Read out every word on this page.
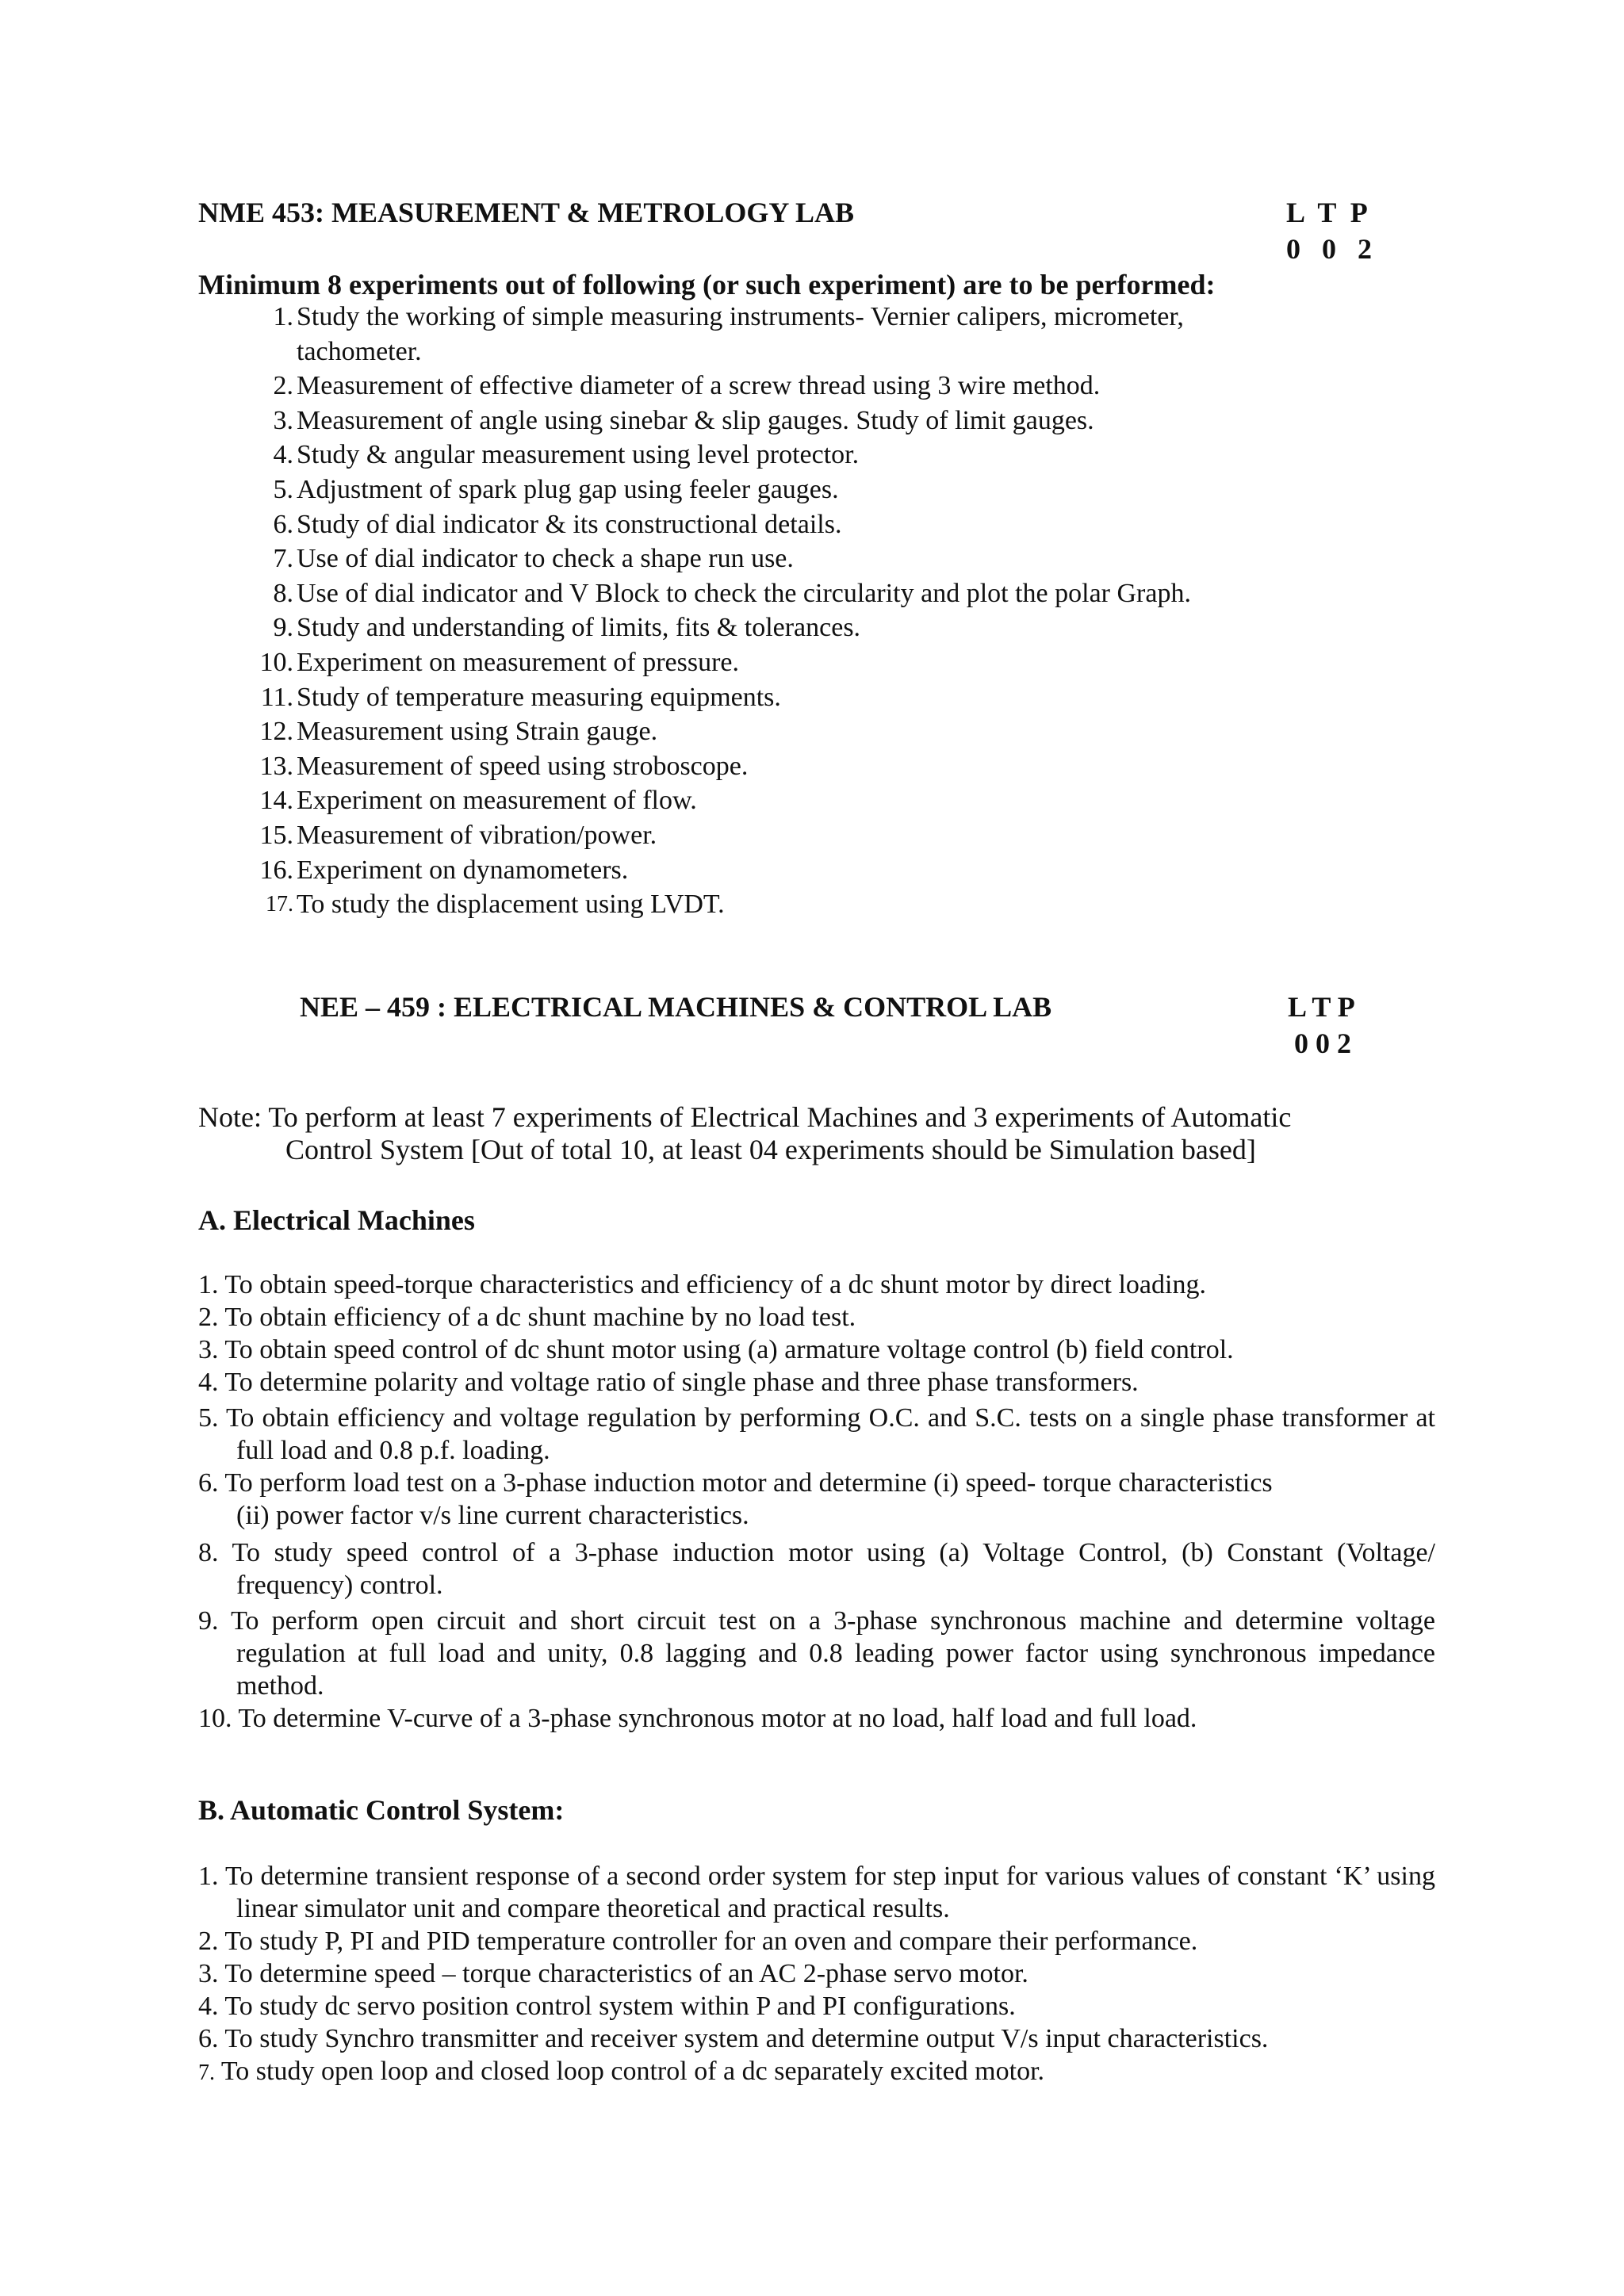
NME 453: MEASUREMENT & METROLOGY LAB	L  T  P
0   0   2
Minimum 8 experiments out of following (or such experiment) are to be performed:
1. Study the working of simple measuring instruments- Vernier calipers, micrometer,
tachometer.
2. Measurement of effective diameter of a screw thread using 3 wire method.
3. Measurement of angle using sinebar & slip gauges. Study of limit gauges.
4. Study & angular measurement using level protector.
5. Adjustment of spark plug gap using feeler gauges.
6. Study of dial indicator & its constructional details.
7. Use of dial indicator to check a shape run use.
8. Use of dial indicator and V Block to check the circularity and plot the polar Graph.
9. Study and understanding of limits, fits & tolerances.
10. Experiment on measurement of pressure.
11. Study of temperature measuring equipments.
12. Measurement using Strain gauge.
13. Measurement of speed using stroboscope.
14. Experiment on measurement of flow.
15. Measurement of vibration/power.
16. Experiment on dynamometers.
17. To study the displacement using LVDT.
NEE – 459 : ELECTRICAL MACHINES & CONTROL LAB	L T P
0 0 2
Note: To perform at least 7 experiments of Electrical Machines and 3 experiments of Automatic
Control System [Out of total 10, at least 04 experiments should be Simulation based]
A. Electrical Machines
1. To obtain speed-torque characteristics and efficiency of a dc shunt motor by direct loading.
2. To obtain efficiency of a dc shunt machine by no load test.
3. To obtain speed control of dc shunt motor using (a) armature voltage control (b) field control.
4. To determine polarity and voltage ratio of single phase and three phase transformers.
5. To obtain efficiency and voltage regulation by performing O.C. and S.C. tests on a single phase transformer at full load and 0.8 p.f. loading.
6. To perform load test on a 3-phase induction motor and determine (i) speed- torque characteristics
(ii) power factor v/s line current characteristics.
8. To study speed control of a 3-phase induction motor using (a) Voltage Control, (b) Constant (Voltage/ frequency) control.
9. To perform open circuit and short circuit test on a 3-phase synchronous machine and determine voltage regulation at full load and unity, 0.8 lagging and 0.8 leading power factor using synchronous impedance method.
10. To determine V-curve of a 3-phase synchronous motor at no load, half load and full load.
B. Automatic Control System:
1. To determine transient response of a second order system for step input for various values of constant ‘K’ using linear simulator unit and compare theoretical and practical results.
2. To study P, PI and PID temperature controller for an oven and compare their performance.
3. To determine speed – torque characteristics of an AC 2-phase servo motor.
4. To study dc servo position control system within P and PI configurations.
6. To study Synchro transmitter and receiver system and determine output V/s input characteristics.
7. To study open loop and closed loop control of a dc separately excited motor.
